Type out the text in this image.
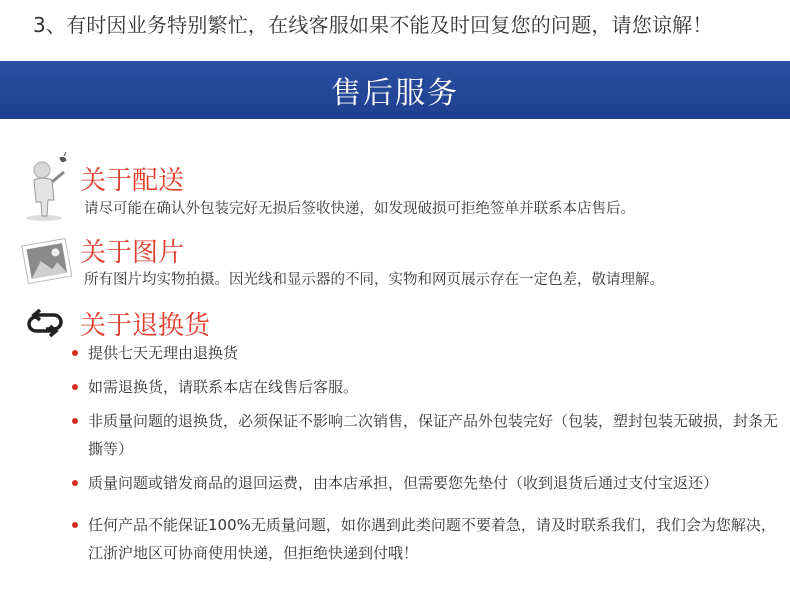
3、有时因业务特别繁忙，在线客服如果不能及时回复您的问题，请您谅解！
售后服务
关于配送
请尽可能在确认外包装完好无损后签收快递，如发现破损可拒绝签单并联系本店售后。
关于图片
所有图片均实物拍摄。因光线和显示器的不同，实物和网页展示存在一定色差，敬请理解。
关于退换货
提供七天无理由退换货
如需退换货，请联系本店在线售后客服。
非质量问题的退换货，必须保证不影响二次销售，保证产品外包装完好（包装，塑封包装无破损，封条无撕等）
质量问题或错发商品的退回运费，由本店承担，但需要您先垫付（收到退货后通过支付宝返还）
任何产品不能保证100%无质量问题，如你遇到此类问题不要着急，请及时联系我们，我们会为您解决，江浙沪地区可协商使用快递，但拒绝快递到付哦！
